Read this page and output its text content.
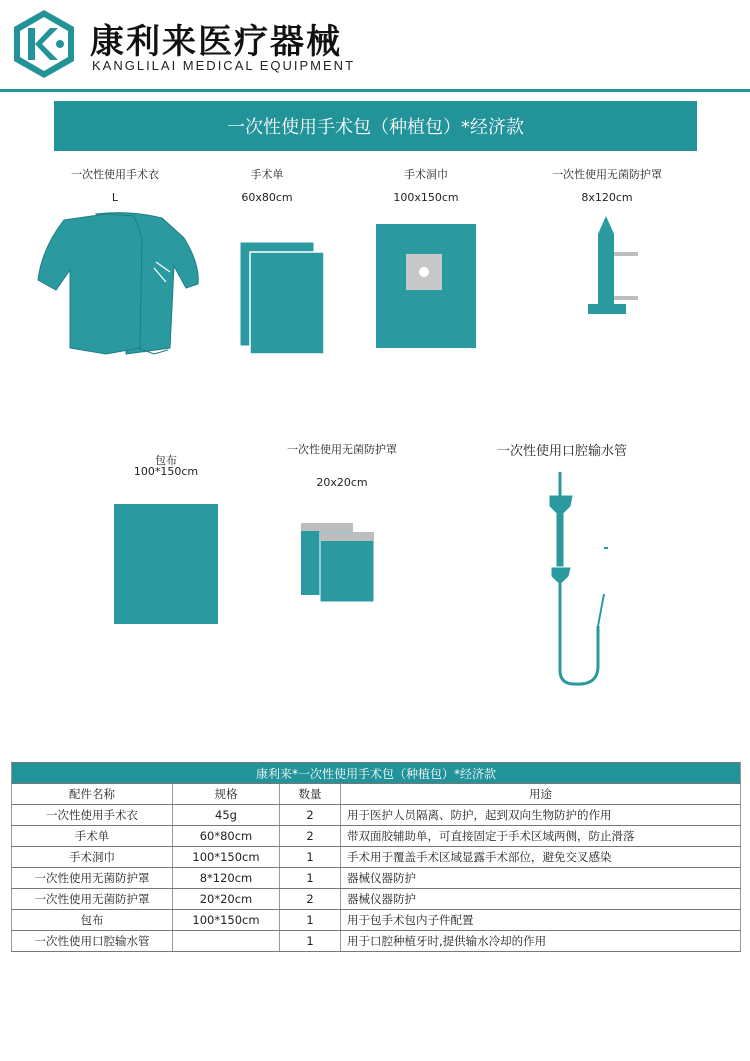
康利来医疗器械
KANGLILAI MEDICAL EQUIPMENT
一次性使用手术包（种植包）*经济款
一次性使用手术衣
L
手术单
60x80cm
手术洞巾
100x150cm
一次性使用无菌防护罩
8x120cm
包布
100*150cm
一次性使用无菌防护罩
20x20cm
一次性使用口腔输水管
康利来*一次性使用手术包（种植包）*经济款			
配件名称	规格	数量	用途
一次性使用手术衣	45g	2	用于医护人员隔离、防护，起到双向生物防护的作用
手术单	60*80cm	2	带双面胶辅助单，可直接固定于手术区域两侧，防止滑落
手术洞巾	100*150cm	1	手术用于覆盖手术区域显露手术部位，避免交叉感染
一次性使用无菌防护罩	8*120cm	1	器械仪器防护
一次性使用无菌防护罩	20*20cm	2	器械仪器防护
包布	100*150cm	1	用于包手术包内子件配置
一次性使用口腔输水管		1	用于口腔种植牙时,提供输水冷却的作用
